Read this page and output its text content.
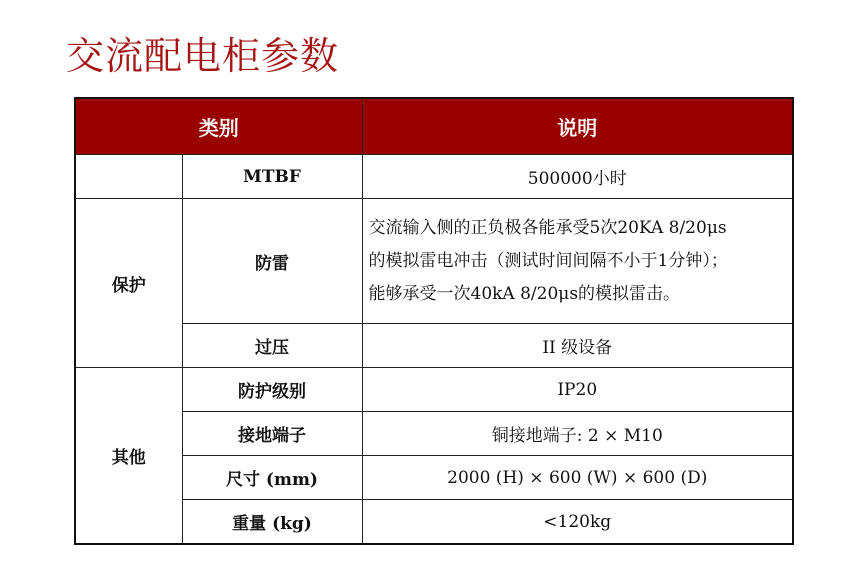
交流配电柜参数
类别		说明
	MTBF	500000小时
保护	防雷	交流输入侧的正负极各能承受5次20KA 8/20μs
的模拟雷电冲击（测试时间间隔不小于1分钟）；
能够承受一次40kA 8/20μs的模拟雷击。

	过压	II 级设备
其他	防护级别	IP20
	接地端子	铜接地端子: 2 × M10
	尺寸 (mm)	2000 (H) × 600 (W) × 600 (D)
	重量 (kg)	<120kg
